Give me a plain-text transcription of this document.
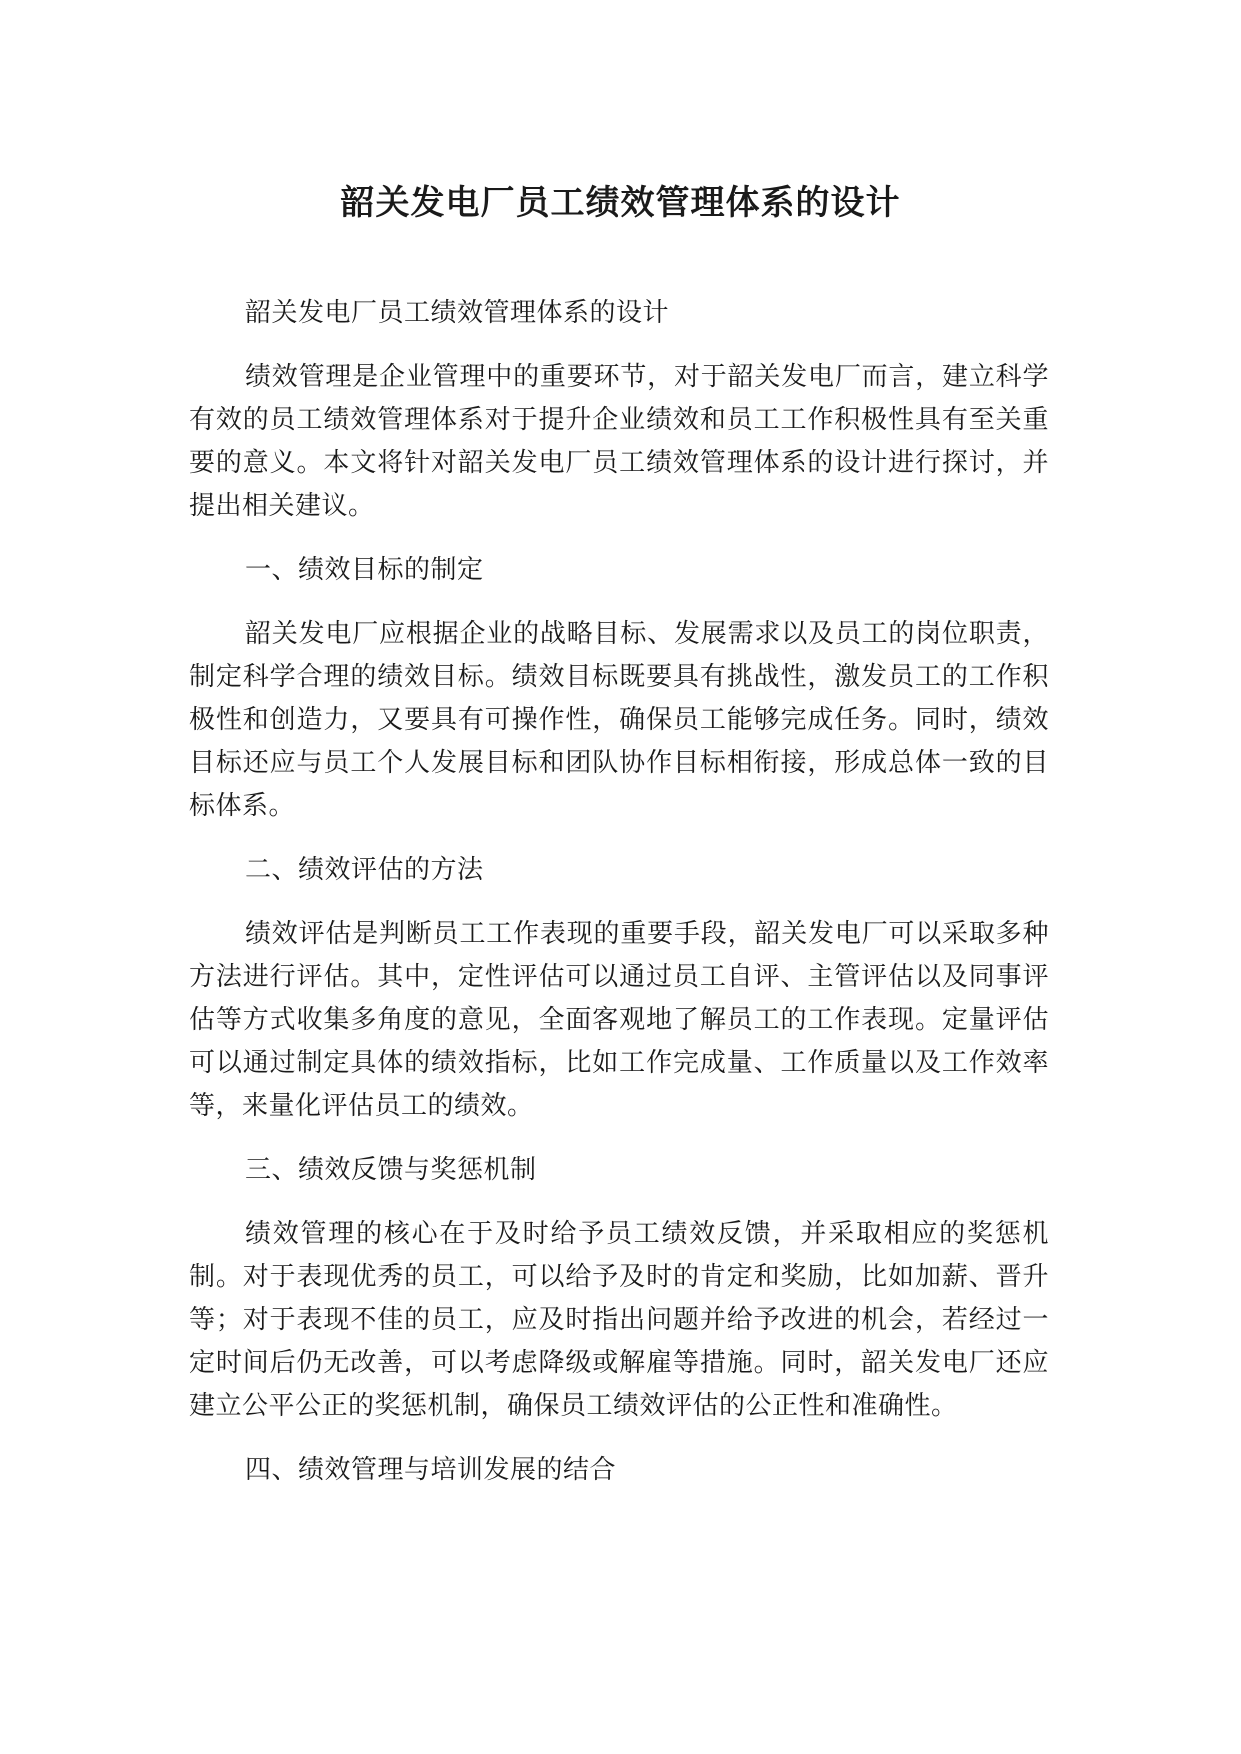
韶关发电厂员工绩效管理体系的设计

韶关发电厂员工绩效管理体系的设计

绩效管理是企业管理中的重要环节，对于韶关发电厂而言，建立科学有效的员工绩效管理体系对于提升企业绩效和员工工作积极性具有至关重要的意义。本文将针对韶关发电厂员工绩效管理体系的设计进行探讨，并提出相关建议。

一、绩效目标的制定

韶关发电厂应根据企业的战略目标、发展需求以及员工的岗位职责，制定科学合理的绩效目标。绩效目标既要具有挑战性，激发员工的工作积极性和创造力，又要具有可操作性，确保员工能够完成任务。同时，绩效目标还应与员工个人发展目标和团队协作目标相衔接，形成总体一致的目标体系。

二、绩效评估的方法

绩效评估是判断员工工作表现的重要手段，韶关发电厂可以采取多种方法进行评估。其中，定性评估可以通过员工自评、主管评估以及同事评估等方式收集多角度的意见，全面客观地了解员工的工作表现。定量评估可以通过制定具体的绩效指标，比如工作完成量、工作质量以及工作效率等，来量化评估员工的绩效。

三、绩效反馈与奖惩机制

绩效管理的核心在于及时给予员工绩效反馈，并采取相应的奖惩机制。对于表现优秀的员工，可以给予及时的肯定和奖励，比如加薪、晋升等；对于表现不佳的员工，应及时指出问题并给予改进的机会，若经过一定时间后仍无改善，可以考虑降级或解雇等措施。同时，韶关发电厂还应建立公平公正的奖惩机制，确保员工绩效评估的公正性和准确性。

四、绩效管理与培训发展的结合
